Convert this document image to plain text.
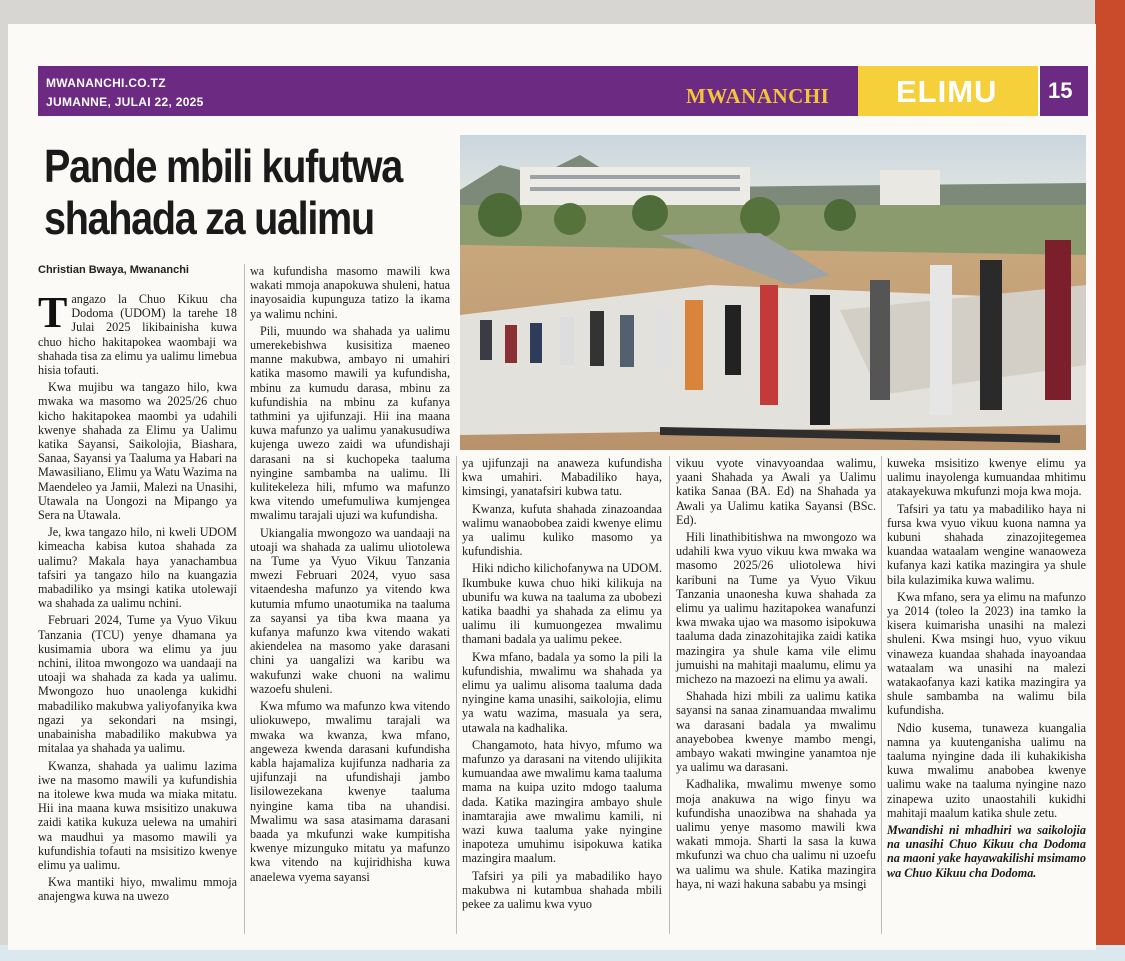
MWANANCHI.CO.TZ
JUMANNE, JULAI 22, 2025	MWANANCHI ELIMU 15
Pande mbili kufutwa
shahada za ualimu
Christian Bwaya, Mwananchi

Tangazo la Chuo Kikuu cha Dodoma (UDOM) la tarehe 18 Julai 2025 likibainisha kuwa chuo hicho hakitapokea waombaji wa shahada tisa za elimu ya ualimu limebua hisia tofauti.

Kwa mujibu wa tangazo hilo, kwa mwaka wa masomo wa 2025/26 chuo kicho hakitapokea maombi ya udahili kwenye shahada za Elimu ya Ualimu katika Sayansi, Saikolojia, Biashara, Sanaa, Sayansi ya Taaluma ya Habari na Mawasiliano, Elimu ya Watu Wazima na Maendeleo ya Jamii, Malezi na Unasihi, Utawala na Uongozi na Mipango ya Sera na Utawala.

Je, kwa tangazo hilo, ni kweli UDOM kimeacha kabisa kutoa shahada za ualimu? Makala haya yanachambua tafsiri ya tangazo hilo na kuangazia mabadiliko ya msingi katika utolewaji wa shahada za ualimu nchini.

Februari 2024, Tume ya Vyuo Vikuu Tanzania (TCU) yenye dhamana ya kusimamia ubora wa elimu ya juu nchini, ilitoa mwongozo wa uandaaji na utoaji wa shahada za kada ya ualimu. Mwongozo huo unaolenga kukidhi mabadiliko makubwa yaliyofanyika kwa ngazi ya sekondari na msingi, unabainisha mabadiliko makubwa ya mitalaa ya shahada ya ualimu.

Kwanza, shahada ya ualimu lazima iwe na masomo mawili ya kufundishia na itolewe kwa muda wa miaka mitatu. Hii ina maana kuwa msisitizo unakuwa zaidi katika kukuza uelewa na umahiri wa maudhui ya masomo mawili ya kufundishia tofauti na msisitizo kwenye elimu ya ualimu.

Kwa mantiki hiyo, mwalimu mmoja anajengwa kuwa na uwezo

wa kufundisha masomo mawili kwa wakati mmoja anapokuwa shuleni, hatua inayosaidia kupunguza tatizo la ikama ya walimu nchini.

Pili, muundo wa shahada ya ualimu umerekebishwa kusisitiza maeneo manne makubwa, ambayo ni umahiri katika masomo mawili ya kufundisha, mbinu za kumudu darasa, mbinu za kufundishia na mbinu za kufanya tathmini ya ujifunzaji. Hii ina maana kuwa mafunzo ya ualimu yanakusudiwa kujenga uwezo zaidi wa ufundishaji darasani na si kuchopeka taaluma nyingine sambamba na ualimu. Ili kulitekeleza hili, mfumo wa mafunzo kwa vitendo umefumuliwa kumjengea mwalimu tarajali ujuzi wa kufundisha.

Ukiangalia mwongozo wa uandaaji na utoaji wa shahada za ualimu uliotolewa na Tume ya Vyuo Vikuu Tanzania mwezi Februari 2024, vyuo sasa vitaendesha mafunzo ya vitendo kwa kutumia mfumo unaotumika na taaluma za sayansi ya tiba kwa maana ya kufanya mafunzo kwa vitendo wakati akiendelea na masomo yake darasani chini ya uangalizi wa karibu wa wakufunzi wake chuoni na walimu wazoefu shuleni.

Kwa mfumo wa mafunzo kwa vitendo uliokuwepo, mwalimu tarajali wa mwaka wa kwanza, kwa mfano, angeweza kwenda darasani kufundisha kabla hajamaliza kujifunza nadharia za ujifunzaji na ufundishaji jambo lisilowezekana kwenye taaluma nyingine kama tiba na uhandisi. Mwalimu wa sasa atasimama darasani baada ya mkufunzi wake kumpitisha kwenye mizunguko mitatu ya mafunzo kwa vitendo na kujiridhisha kuwa anaelewa vyema sayansi

ya ujifunzaji na anaweza kufundisha kwa umahiri. Mabadiliko haya, kimsingi, yanatafsiri kubwa tatu.

Kwanza, kufuta shahada zinazoandaa walimu wanaobobea zaidi kwenye elimu ya ualimu kuliko masomo ya kufundishia.

Hiki ndicho kilichofanywa na UDOM. Ikumbuke kuwa chuo hiki kilikuja na ubunifu wa kuwa na taaluma za ubobezi katika baadhi ya shahada za elimu ya ualimu ili kumuongezea mwalimu thamani badala ya ualimu pekee.

Kwa mfano, badala ya somo la pili la kufundishia, mwalimu wa shahada ya elimu ya ualimu alisoma taaluma dada nyingine kama unasihi, saikolojia, elimu ya watu wazima, masuala ya sera, utawala na kadhalika.

Changamoto, hata hivyo, mfumo wa mafunzo ya darasani na vitendo ulijikita kumuandaa awe mwalimu kama taaluma mama na kuipa uzito mdogo taaluma dada. Katika mazingira ambayo shule inamtarajia awe mwalimu kamili, ni wazi kuwa taaluma yake nyingine inapoteza umuhimu isipokuwa katika mazingira maalum.

Tafsiri ya pili ya mabadiliko hayo makubwa ni kutambua shahada mbili pekee za ualimu kwa vyuo

vikuu vyote vinavyoandaa walimu, yaani Shahada ya Awali ya Ualimu katika Sanaa (BA. Ed) na Shahada ya Awali ya Ualimu katika Sayansi (BSc. Ed).

Hili linathibitishwa na mwongozo wa udahili kwa vyuo vikuu kwa mwaka wa masomo 2025/26 uliotolewa hivi karibuni na Tume ya Vyuo Vikuu Tanzania unaonesha kuwa shahada za elimu ya ualimu hazitapokea wanafunzi kwa mwaka ujao wa masomo isipokuwa taaluma dada zinazohitajika zaidi katika mazingira ya shule kama vile elimu jumuishi na mahitaji maalumu, elimu ya michezo na mazoezi na elimu ya awali.

Shahada hizi mbili za ualimu katika sayansi na sanaa zinamuandaa mwalimu wa darasani badala ya mwalimu anayebobea kwenye mambo mengi, ambayo wakati mwingine yanamtoa nje ya ualimu wa darasani.

Kadhalika, mwalimu mwenye somo moja anakuwa na wigo finyu wa kufundisha unaozibwa na shahada ya ualimu yenye masomo mawili kwa wakati mmoja. Sharti la sasa la kuwa mkufunzi wa chuo cha ualimu ni uzoefu wa ualimu wa shule. Katika mazingira haya, ni wazi hakuna sababu ya msingi

kuweka msisitizo kwenye elimu ya ualimu inayolenga kumuandaa mhitimu atakayekuwa mkufunzi moja kwa moja.

Tafsiri ya tatu ya mabadiliko haya ni fursa kwa vyuo vikuu kuona namna ya kubuni shahada zinazojitegemea kuandaa wataalam wengine wanaoweza kufanya kazi katika mazingira ya shule bila kulazimika kuwa walimu.

Kwa mfano, sera ya elimu na mafunzo ya 2014 (toleo la 2023) ina tamko la kisera kuimarisha unasihi na malezi shuleni. Kwa msingi huo, vyuo vikuu vinaweza kuandaa shahada inayoandaa wataalam wa unasihi na malezi watakaofanya kazi katika mazingira ya shule sambamba na walimu bila kufundisha.

Ndio kusema, tunaweza kuangalia namna ya kuutenganisha ualimu na taaluma nyingine dada ili kuhakikisha kuwa mwalimu anabobea kwenye ualimu wake na taaluma nyingine nazo zinapewa uzito unaostahili kukidhi mahitaji maalum katika shule zetu.

Mwandishi ni mhadhiri wa saikolojia na unasihi Chuo Kikuu cha Dodoma na maoni yake hayawakilishi msimamo wa Chuo Kikuu cha Dodoma.
